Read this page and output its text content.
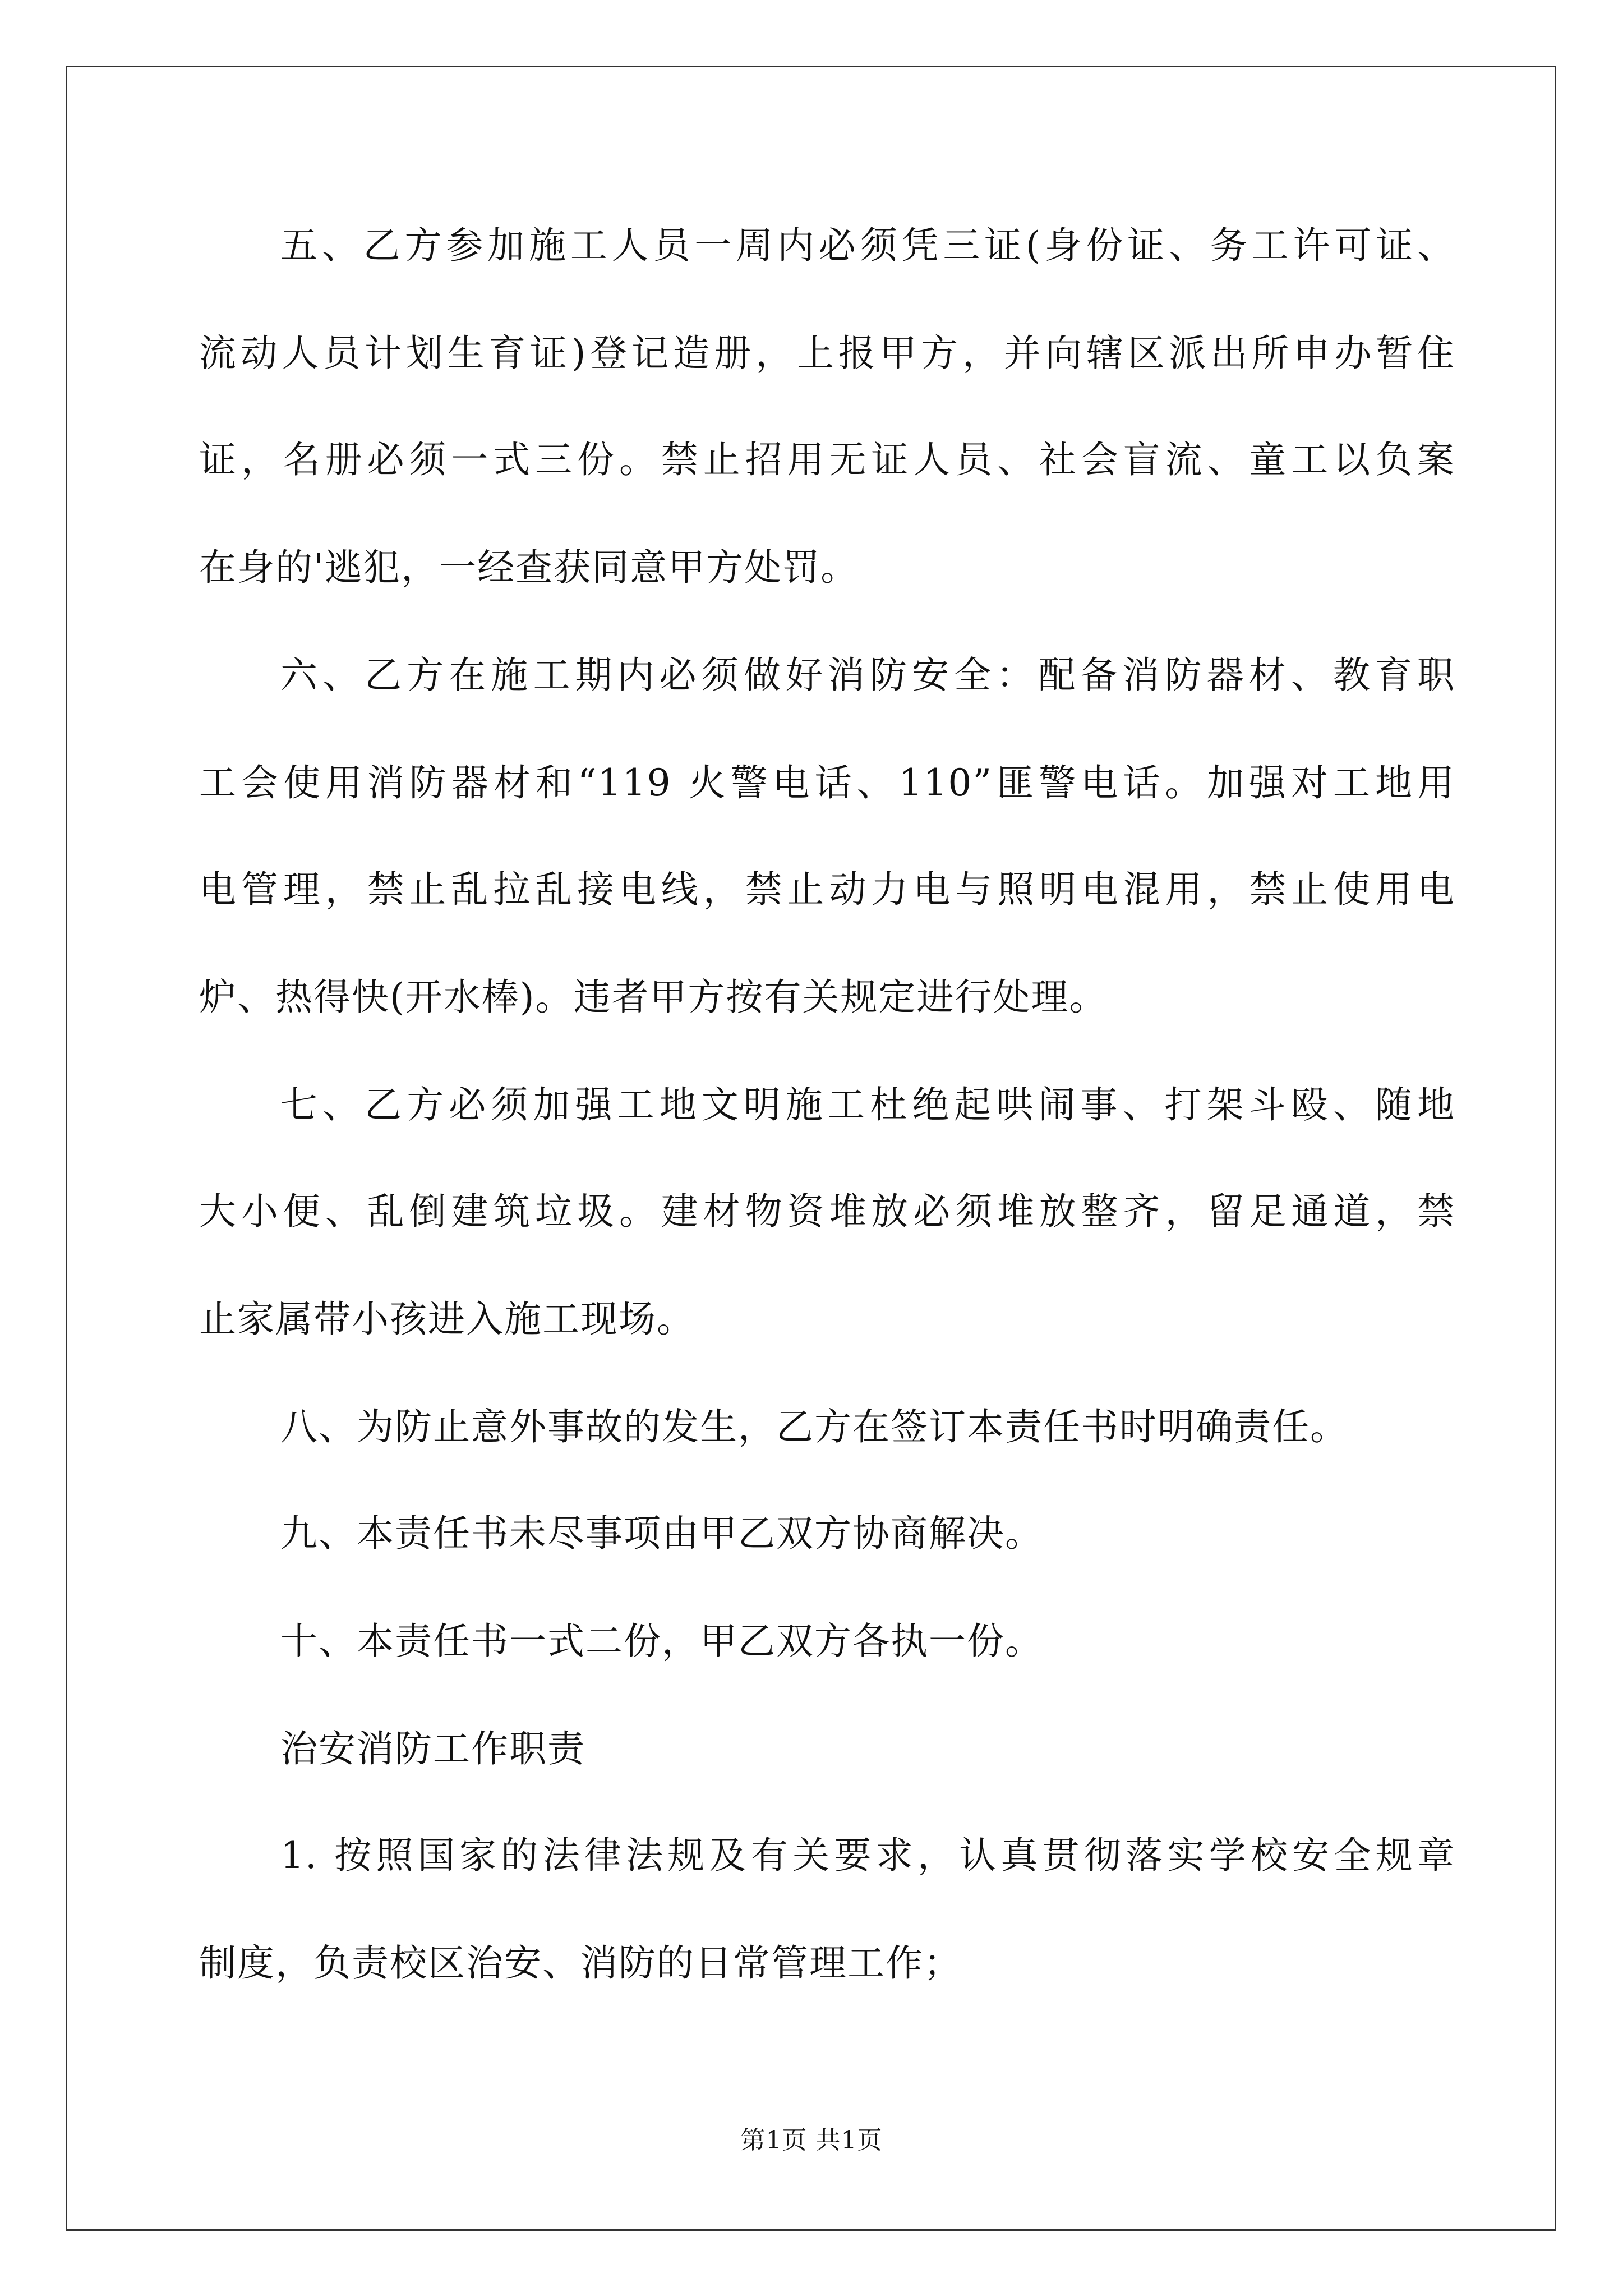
五、乙方参加施工人员一周内必须凭三证(身份证、务工许可证、
流动人员计划生育证)登记造册，上报甲方，并向辖区派出所申办暂住
证，名册必须一式三份。禁止招用无证人员、社会盲流、童工以负案
在身的'逃犯，一经查获同意甲方处罚。
六、乙方在施工期内必须做好消防安全：配备消防器材、教育职
工会使用消防器材和“119 火警电话、110”匪警电话。加强对工地用
电管理，禁止乱拉乱接电线，禁止动力电与照明电混用，禁止使用电
炉、热得快(开水棒)。违者甲方按有关规定进行处理。
七、乙方必须加强工地文明施工杜绝起哄闹事、打架斗殴、随地
大小便、乱倒建筑垃圾。建材物资堆放必须堆放整齐，留足通道，禁
止家属带小孩进入施工现场。
八、为防止意外事故的发生，乙方在签订本责任书时明确责任。
九、本责任书未尽事项由甲乙双方协商解决。
十、本责任书一式二份，甲乙双方各执一份。
治安消防工作职责
1. 按照国家的法律法规及有关要求，认真贯彻落实学校安全规章
制度，负责校区治安、消防的日常管理工作；
第1页 共1页
